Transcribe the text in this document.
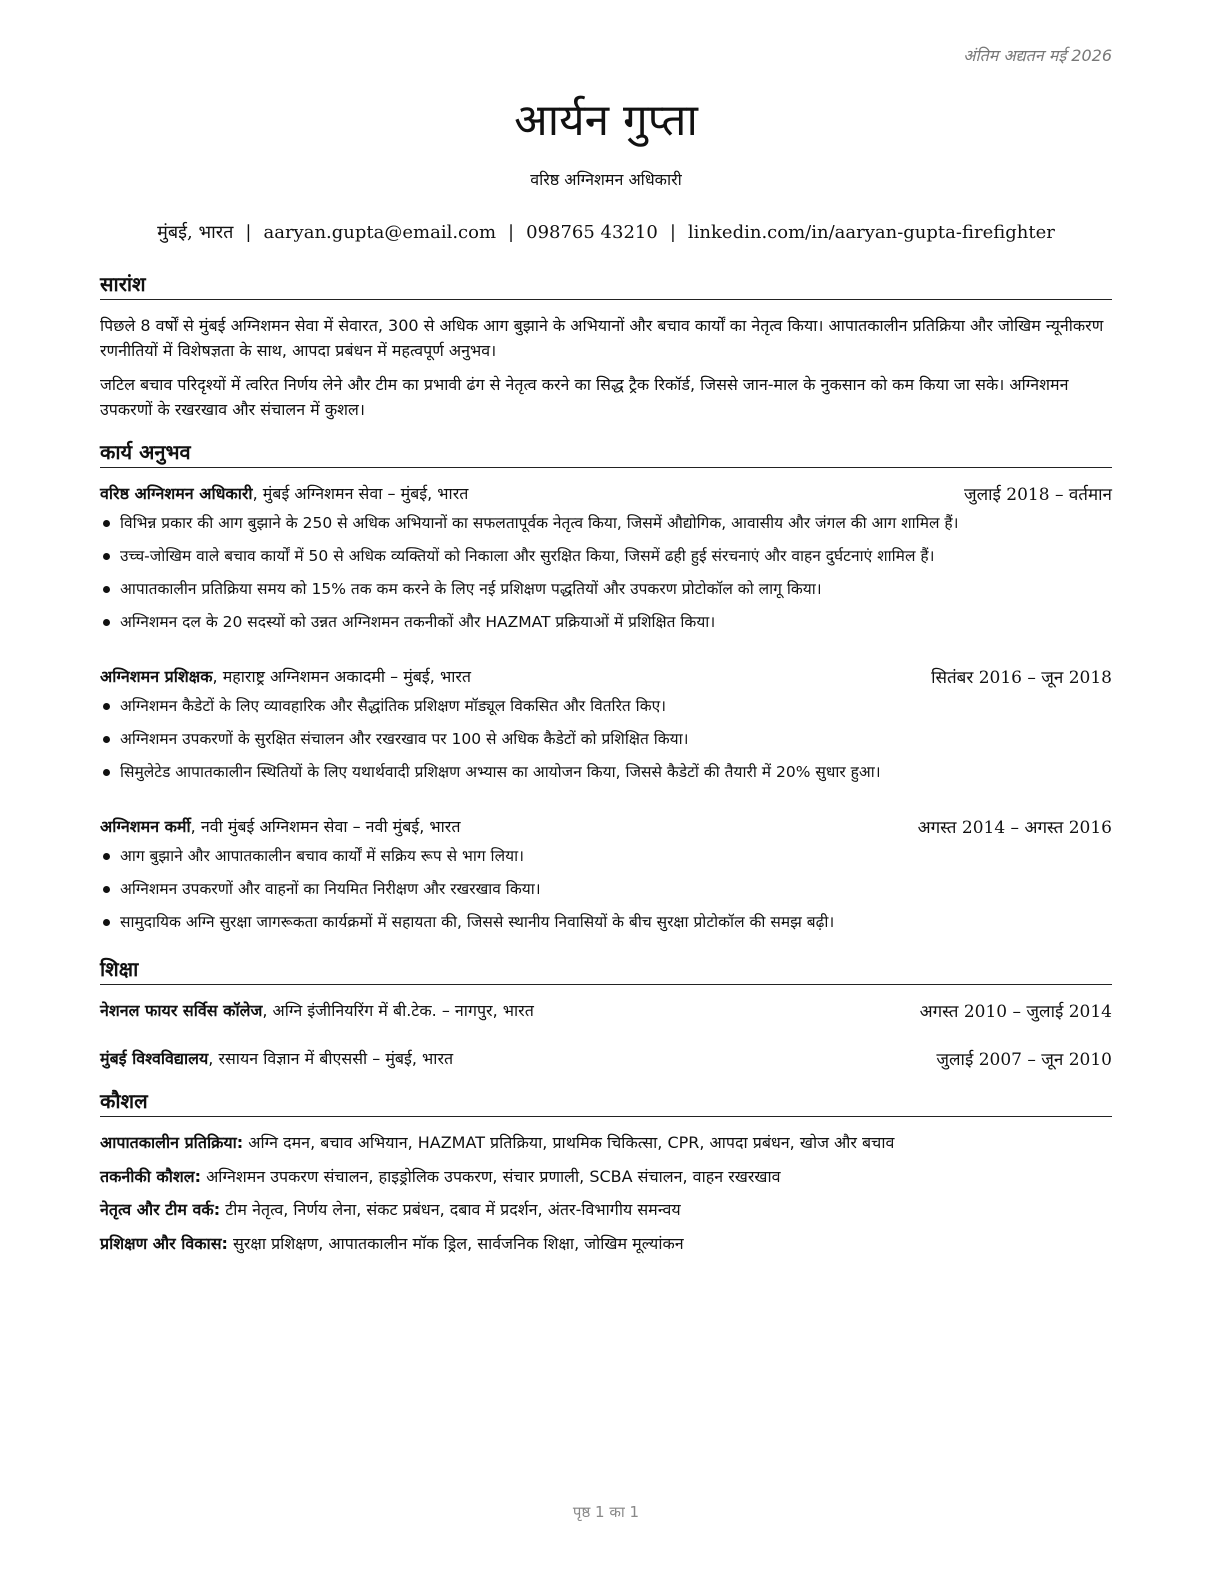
अंतिम अद्यतन मई 2026
आर्यन गुप्ता
वरिष्ठ अग्निशमन अधिकारी
मुंबई, भारत | aaryan.gupta@email.com | 098765 43210 | linkedin.com/in/aaryan-gupta-firefighter
सारांश
पिछले 8 वर्षों से मुंबई अग्निशमन सेवा में सेवारत, 300 से अधिक आग बुझाने के अभियानों और बचाव कार्यों का नेतृत्व किया। आपातकालीन प्रतिक्रिया और जोखिम न्यूनीकरण रणनीतियों में विशेषज्ञता के साथ, आपदा प्रबंधन में महत्वपूर्ण अनुभव।
जटिल बचाव परिदृश्यों में त्वरित निर्णय लेने और टीम का प्रभावी ढंग से नेतृत्व करने का सिद्ध ट्रैक रिकॉर्ड, जिससे जान-माल के नुकसान को कम किया जा सके। अग्निशमन उपकरणों के रखरखाव और संचालन में कुशल।
कार्य अनुभव
वरिष्ठ अग्निशमन अधिकारी, मुंबई अग्निशमन सेवा – मुंबई, भारत	जुलाई 2018 – वर्तमान
विभिन्न प्रकार की आग बुझाने के 250 से अधिक अभियानों का सफलतापूर्वक नेतृत्व किया, जिसमें औद्योगिक, आवासीय और जंगल की आग शामिल हैं।
उच्च-जोखिम वाले बचाव कार्यों में 50 से अधिक व्यक्तियों को निकाला और सुरक्षित किया, जिसमें ढही हुई संरचनाएं और वाहन दुर्घटनाएं शामिल हैं।
आपातकालीन प्रतिक्रिया समय को 15% तक कम करने के लिए नई प्रशिक्षण पद्धतियों और उपकरण प्रोटोकॉल को लागू किया।
अग्निशमन दल के 20 सदस्यों को उन्नत अग्निशमन तकनीकों और HAZMAT प्रक्रियाओं में प्रशिक्षित किया।
अग्निशमन प्रशिक्षक, महाराष्ट्र अग्निशमन अकादमी – मुंबई, भारत	सितंबर 2016 – जून 2018
अग्निशमन कैडेटों के लिए व्यावहारिक और सैद्धांतिक प्रशिक्षण मॉड्यूल विकसित और वितरित किए।
अग्निशमन उपकरणों के सुरक्षित संचालन और रखरखाव पर 100 से अधिक कैडेटों को प्रशिक्षित किया।
सिमुलेटेड आपातकालीन स्थितियों के लिए यथार्थवादी प्रशिक्षण अभ्यास का आयोजन किया, जिससे कैडेटों की तैयारी में 20% सुधार हुआ।
अग्निशमन कर्मी, नवी मुंबई अग्निशमन सेवा – नवी मुंबई, भारत	अगस्त 2014 – अगस्त 2016
आग बुझाने और आपातकालीन बचाव कार्यों में सक्रिय रूप से भाग लिया।
अग्निशमन उपकरणों और वाहनों का नियमित निरीक्षण और रखरखाव किया।
सामुदायिक अग्नि सुरक्षा जागरूकता कार्यक्रमों में सहायता की, जिससे स्थानीय निवासियों के बीच सुरक्षा प्रोटोकॉल की समझ बढ़ी।
शिक्षा
नेशनल फायर सर्विस कॉलेज, अग्नि इंजीनियरिंग में बी.टेक. – नागपुर, भारत	अगस्त 2010 – जुलाई 2014
मुंबई विश्वविद्यालय, रसायन विज्ञान में बीएससी – मुंबई, भारत	जुलाई 2007 – जून 2010
कौशल
आपातकालीन प्रतिक्रिया: अग्नि दमन, बचाव अभियान, HAZMAT प्रतिक्रिया, प्राथमिक चिकित्सा, CPR, आपदा प्रबंधन, खोज और बचाव
तकनीकी कौशल: अग्निशमन उपकरण संचालन, हाइड्रोलिक उपकरण, संचार प्रणाली, SCBA संचालन, वाहन रखरखाव
नेतृत्व और टीम वर्क: टीम नेतृत्व, निर्णय लेना, संकट प्रबंधन, दबाव में प्रदर्शन, अंतर-विभागीय समन्वय
प्रशिक्षण और विकास: सुरक्षा प्रशिक्षण, आपातकालीन मॉक ड्रिल, सार्वजनिक शिक्षा, जोखिम मूल्यांकन
पृष्ठ 1 का 1
